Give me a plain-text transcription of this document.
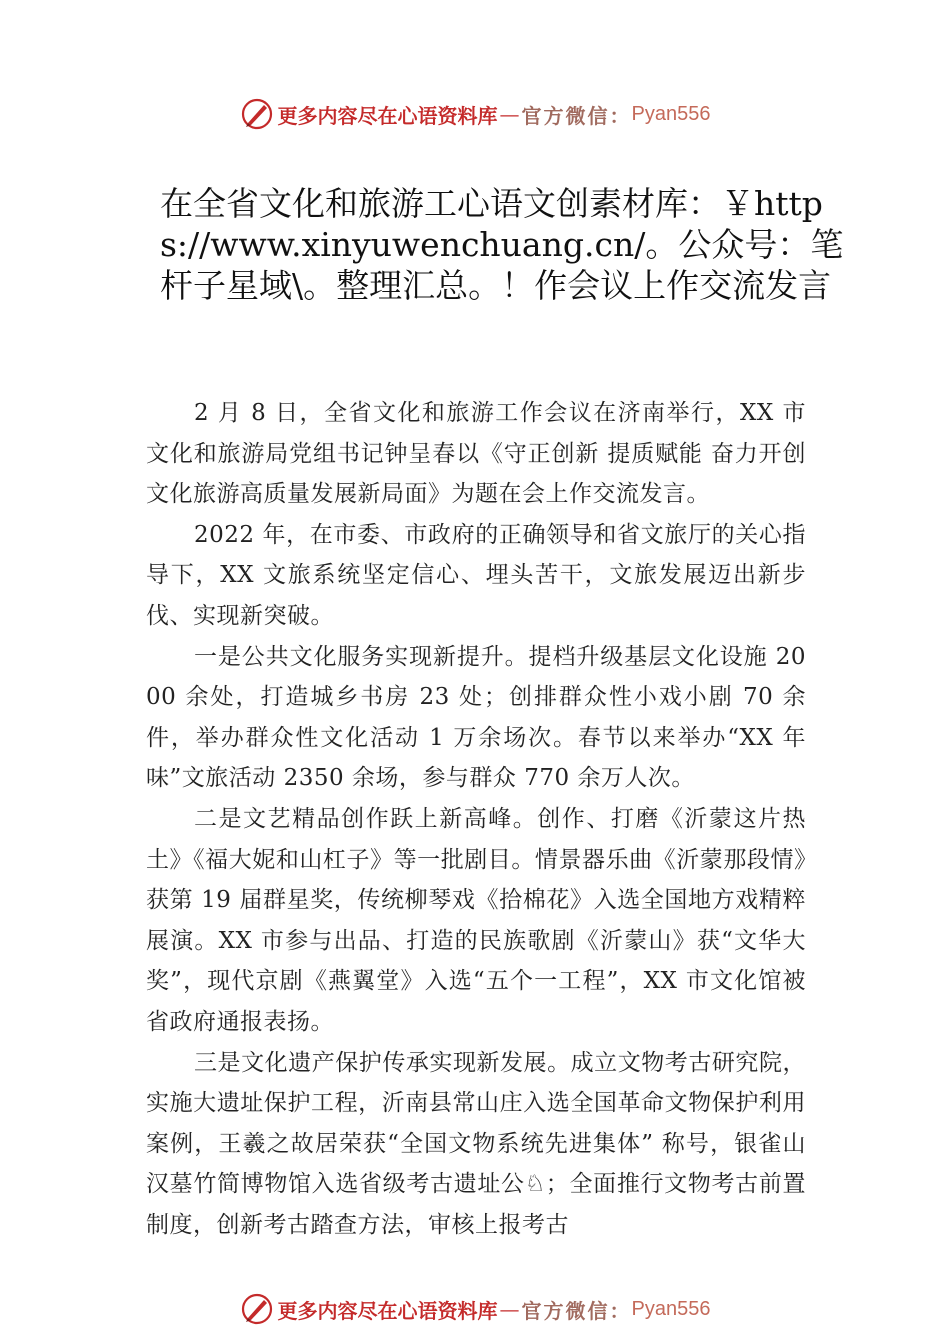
更多内容尽在心语资料库 — 官方微信： Pyan556
在全省文化和旅游工心语文创素材库：￥https://www.xinyuwenchuang.cn/。公众号：笔杆子星域\。整理汇总。！作会议上作交流发言

2 月 8 日，全省文化和旅游工作会议在济南举行，XX 市文化和旅游局党组书记钟呈春以《守正创新 提质赋能 奋力开创文化旅游高质量发展新局面》为题在会上作交流发言。

2022 年，在市委、市政府的正确领导和省文旅厅的关心指导下，XX 文旅系统坚定信心、埋头苦干，文旅发展迈出新步伐、实现新突破。

一是公共文化服务实现新提升。提档升级基层文化设施 2000 余处，打造城乡书房 23 处；创排群众性小戏小剧 70 余件，举办群众性文化活动 1 万余场次。春节以来举办“XX 年味”文旅活动 2350 余场，参与群众 770 余万人次。

二是文艺精品创作跃上新高峰。创作、打磨《沂蒙这片热土》《福大妮和山杠子》等一批剧目。情景器乐曲《沂蒙那段情》获第 19 届群星奖，传统柳琴戏《拾棉花》入选全国地方戏精粹展演。XX 市参与出品、打造的民族歌剧《沂蒙山》获“文华大奖”，现代京剧《燕翼堂》入选“五个一工程”，XX 市文化馆被省政府通报表扬。

三是文化遗产保护传承实现新发展。成立文物考古研究院，实施大遗址保护工程，沂南县常山庄入选全国革命文物保护利用案例，王羲之故居荣获“全国文物系统先进集体” 称号，银雀山汉墓竹简博物馆入选省级考古遗址公♘；全面推行文物考古前置制度，创新考古踏查方法，审核上报考古

更多内容尽在心语资料库 — 官方微信： Pyan556
